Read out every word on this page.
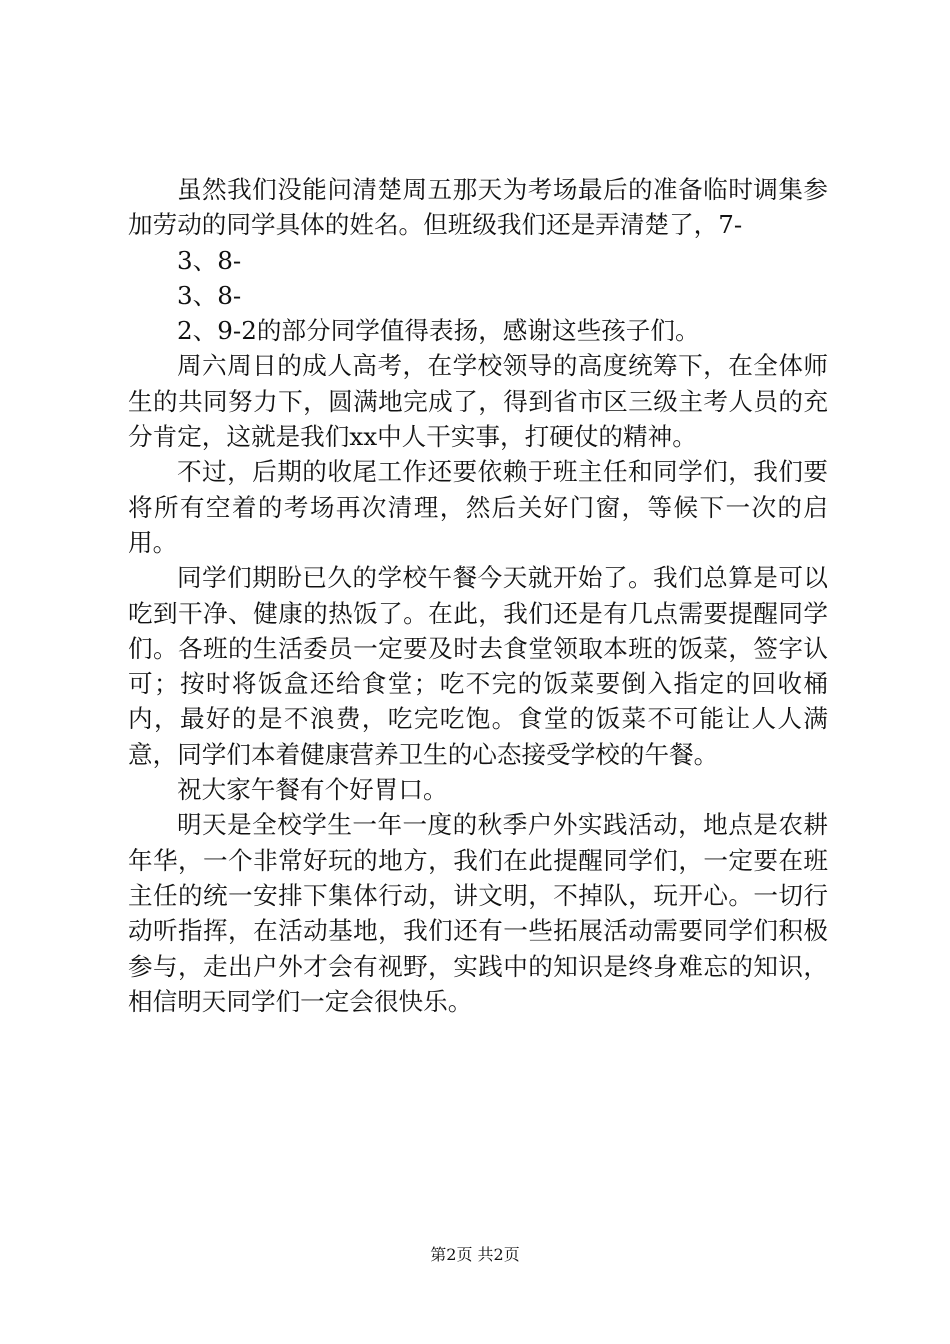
虽然我们没能问清楚周五那天为考场最后的准备临时调集参加劳动的同学具体的姓名。但班级我们还是弄清楚了，7-

3、8-

3、8-

2、9-2的部分同学值得表扬，感谢这些孩子们。

周六周日的成人高考，在学校领导的高度统筹下，在全体师生的共同努力下，圆满地完成了，得到省市区三级主考人员的充分肯定，这就是我们xx中人干实事，打硬仗的精神。

不过，后期的收尾工作还要依赖于班主任和同学们，我们要将所有空着的考场再次清理，然后关好门窗，等候下一次的启用。

同学们期盼已久的学校午餐今天就开始了。我们总算是可以吃到干净、健康的热饭了。在此，我们还是有几点需要提醒同学们。各班的生活委员一定要及时去食堂领取本班的饭菜，签字认可；按时将饭盒还给食堂；吃不完的饭菜要倒入指定的回收桶内，最好的是不浪费，吃完吃饱。食堂的饭菜不可能让人人满意，同学们本着健康营养卫生的心态接受学校的午餐。

祝大家午餐有个好胃口。

明天是全校学生一年一度的秋季户外实践活动，地点是农耕年华，一个非常好玩的地方，我们在此提醒同学们，一定要在班主任的统一安排下集体行动，讲文明，不掉队，玩开心。一切行动听指挥，在活动基地，我们还有一些拓展活动需要同学们积极参与，走出户外才会有视野，实践中的知识是终身难忘的知识，相信明天同学们一定会很快乐。

第2页 共2页
